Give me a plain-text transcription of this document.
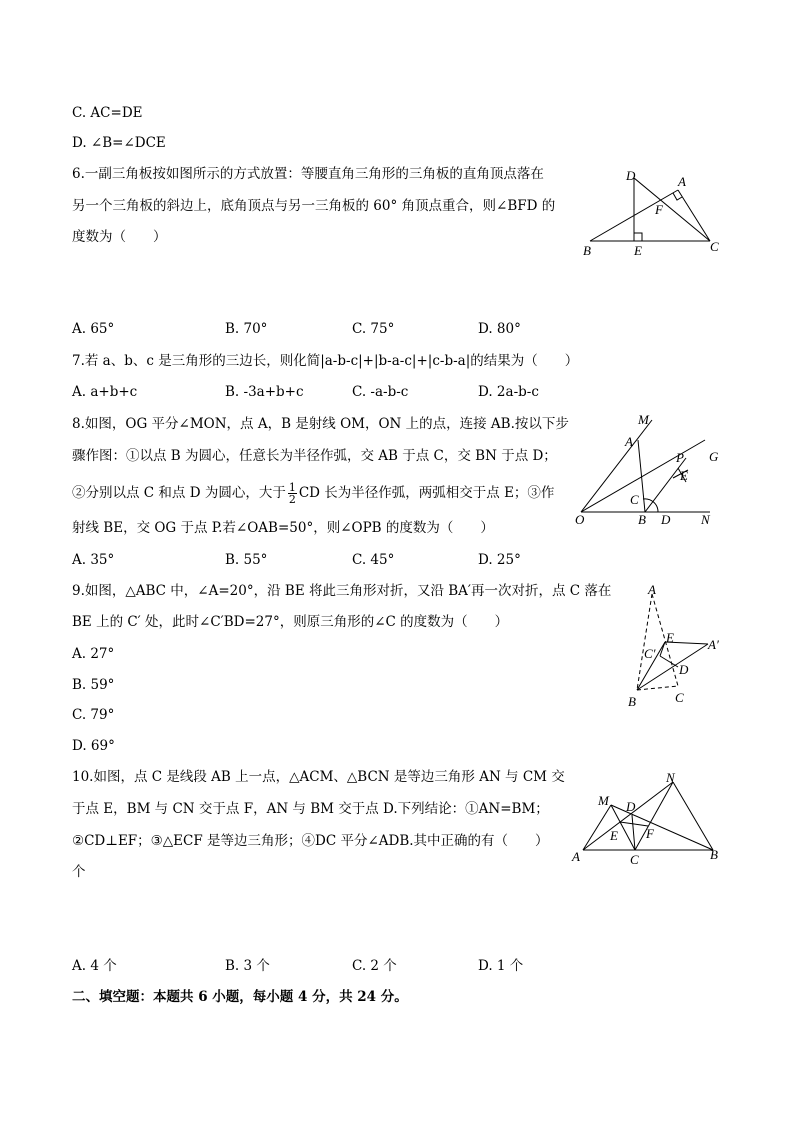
C. AC=DE
D. ∠B=∠DCE
6.一副三角板按如图所示的方式放置：等腰直角三角形的三角板的直角顶点落在
另一个三角板的斜边上，底角顶点与另一三角板的 60° 角顶点重合，则∠BFD 的
度数为（　　）
D	A
F
B	E	C
A. 65°	B. 70°	C. 75°	D. 80°
7.若 a、b、c 是三角形的三边长，则化简|a-b-c|+|b-a-c|+|c-b-a|的结果为（　　）
A. a+b+c	B. -3a+b+c	C. -a-b-c	D. 2a-b-c
8.如图，OG 平分∠MON，点 A，B 是射线 OM，ON 上的点，连接 AB.按以下步
骤作图：①以点 B 为圆心，任意长为半径作弧，交 AB 于点 C，交 BN 于点 D；
②分别以点 C 和点 D 为圆心，大于 $\frac{1}{2}$ CD 长为半径作弧，两弧相交于点 E；③作
射线 BE，交 OG 于点 P.若∠OAB=50°，则∠OPB 的度数为（　　）
M
A
P G
E
C
O	B D N
A. 35°	B. 55°	C. 45°	D. 25°
9.如图，△ABC 中，∠A=20°，沿 BE 将此三角形对折，又沿 BA′再一次对折，点 C 落在
BE 上的 C′ 处，此时∠C′BD=27°，则原三角形的∠C 的度数为（　　）
A
E	A′
C′
D
B	C
A. 27°
B. 59°
C. 79°
D. 69°
10.如图，点 C 是线段 AB 上一点，△ACM、△BCN 是等边三角形 AN 与 CM 交
于点 E，BM 与 CN 交于点 F，AN 与 BM 交于点 D.下列结论：①AN=BM；
②CD⊥EF；③△ECF 是等边三角形；④DC 平分∠ADB.其中正确的有（　　）
个
N
M D
E F
A	C	B
A. 4 个	B. 3 个	C. 2 个	D. 1 个
二、填空题：本题共 6 小题，每小题 4 分，共 24 分。
